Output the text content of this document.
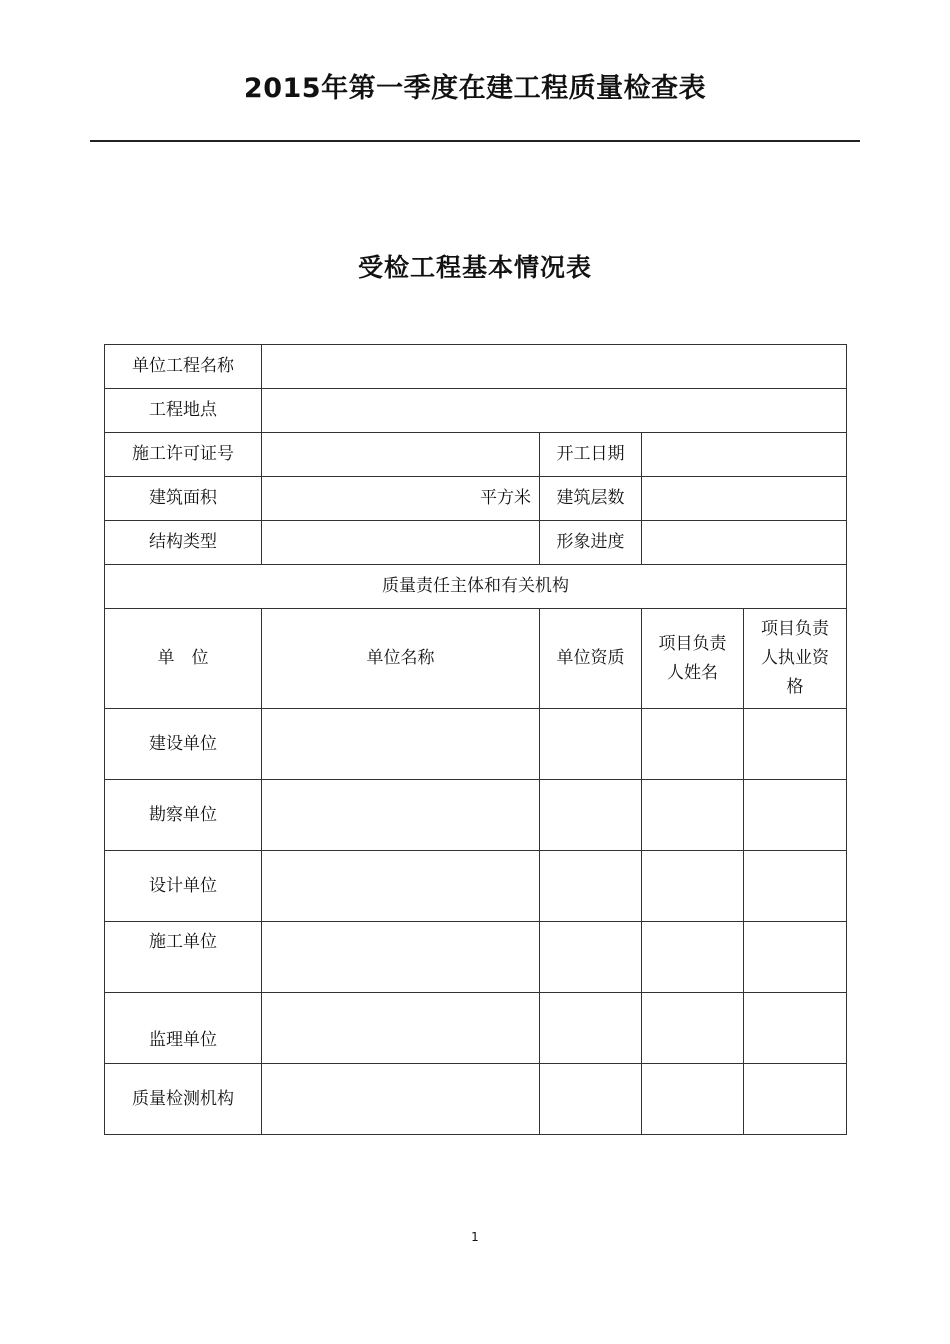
2015年第一季度在建工程质量检查表
受检工程基本情况表
单位工程名称				
工程地点				
施工许可证号		开工日期		
建筑面积	平方米	建筑层数		
结构类型		形象进度		
质量责任主体和有关机构				
单　位	单位名称	单位资质	项目负责人姓名	项目负责人执业资格
建设单位				
勘察单位				
设计单位				
施工单位				
监理单位				
质量检测机构				
1
